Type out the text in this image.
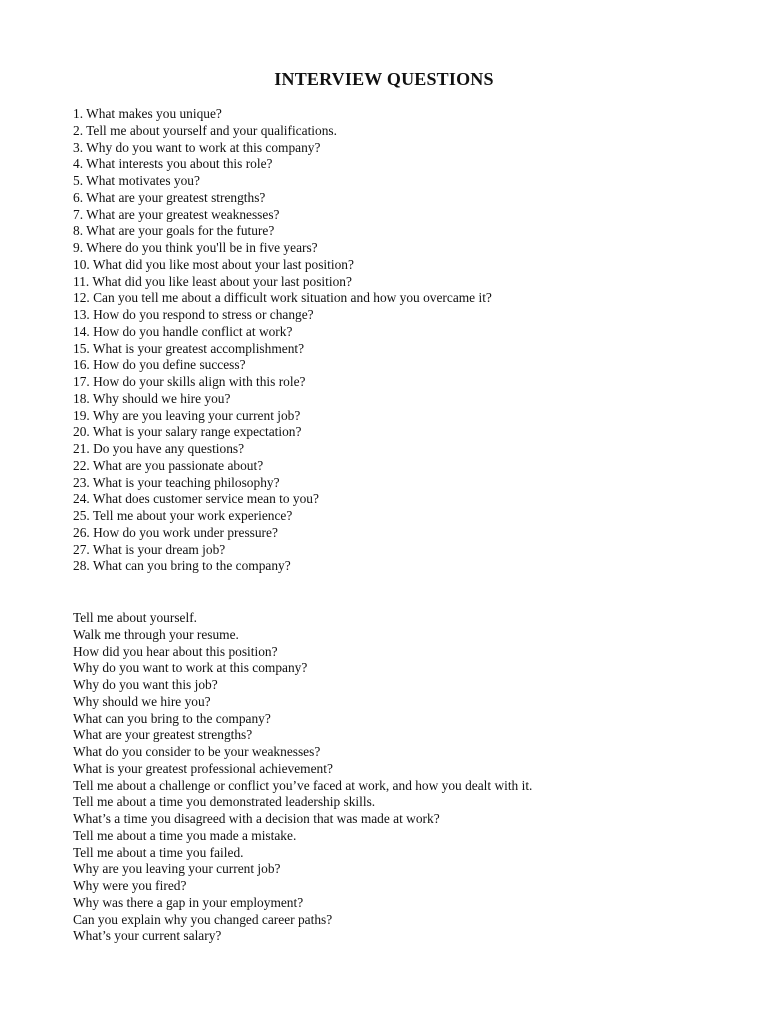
INTERVIEW QUESTIONS
1. What makes you unique?
2. Tell me about yourself and your qualifications.
3. Why do you want to work at this company?
4. What interests you about this role?
5. What motivates you?
6. What are your greatest strengths?
7. What are your greatest weaknesses?
8. What are your goals for the future?
9. Where do you think you'll be in five years?
10. What did you like most about your last position?
11. What did you like least about your last position?
12. Can you tell me about a difficult work situation and how you overcame it?
13. How do you respond to stress or change?
14. How do you handle conflict at work?
15. What is your greatest accomplishment?
16. How do you define success?
17. How do your skills align with this role?
18. Why should we hire you?
19. Why are you leaving your current job?
20. What is your salary range expectation?
21. Do you have any questions?
22. What are you passionate about?
23. What is your teaching philosophy?
24. What does customer service mean to you?
25. Tell me about your work experience?
26. How do you work under pressure?
27. What is your dream job?
28. What can you bring to the company?
Tell me about yourself.
Walk me through your resume.
How did you hear about this position?
Why do you want to work at this company?
Why do you want this job?
Why should we hire you?
What can you bring to the company?
What are your greatest strengths?
What do you consider to be your weaknesses?
What is your greatest professional achievement?
Tell me about a challenge or conflict you’ve faced at work, and how you dealt with it.
Tell me about a time you demonstrated leadership skills.
What’s a time you disagreed with a decision that was made at work?
Tell me about a time you made a mistake.
Tell me about a time you failed.
Why are you leaving your current job?
Why were you fired?
Why was there a gap in your employment?
Can you explain why you changed career paths?
What’s your current salary?
